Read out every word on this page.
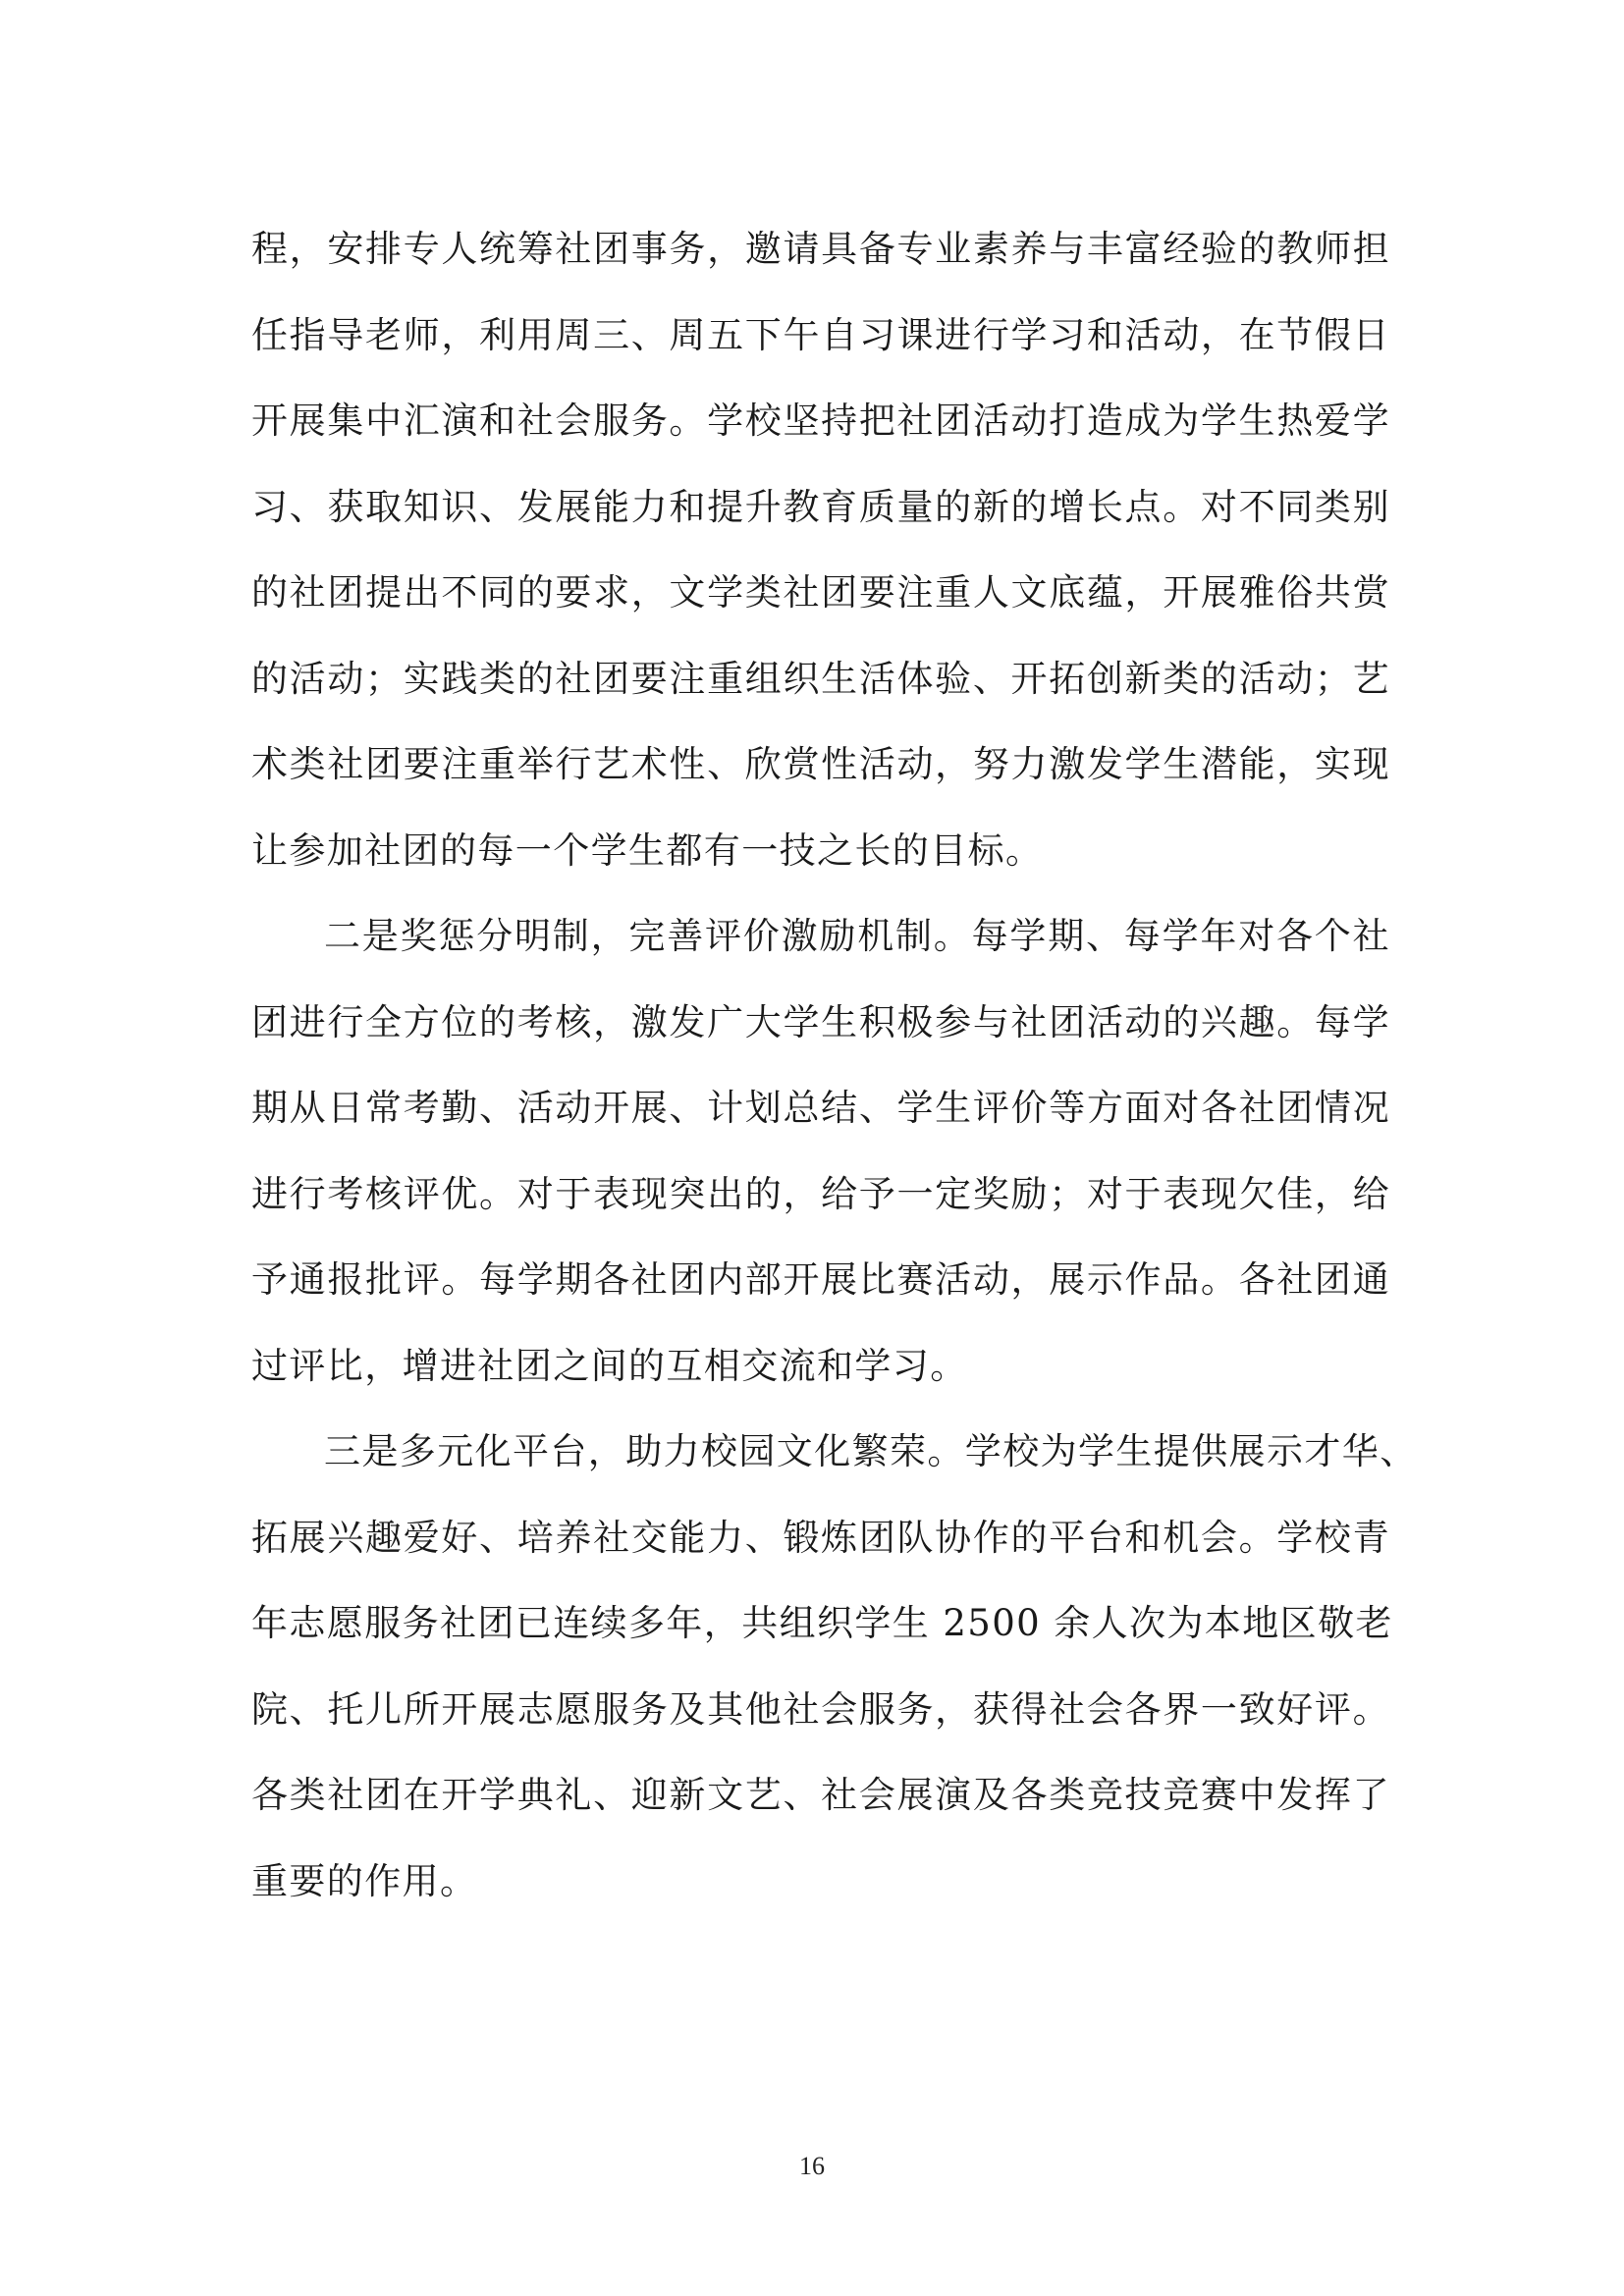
程，安排专人统筹社团事务，邀请具备专业素养与丰富经验的教师担
任指导老师，利用周三、周五下午自习课进行学习和活动，在节假日
开展集中汇演和社会服务。学校坚持把社团活动打造成为学生热爱学
习、获取知识、发展能力和提升教育质量的新的增长点。对不同类别
的社团提出不同的要求，文学类社团要注重人文底蕴，开展雅俗共赏
的活动；实践类的社团要注重组织生活体验、开拓创新类的活动；艺
术类社团要注重举行艺术性、欣赏性活动，努力激发学生潜能，实现
让参加社团的每一个学生都有一技之长的目标。
二是奖惩分明制，完善评价激励机制。每学期、每学年对各个社
团进行全方位的考核，激发广大学生积极参与社团活动的兴趣。每学
期从日常考勤、活动开展、计划总结、学生评价等方面对各社团情况
进行考核评优。对于表现突出的，给予一定奖励；对于表现欠佳，给
予通报批评。每学期各社团内部开展比赛活动，展示作品。各社团通
过评比，增进社团之间的互相交流和学习。
三是多元化平台，助力校园文化繁荣。学校为学生提供展示才华、
拓展兴趣爱好、培养社交能力、锻炼团队协作的平台和机会。学校青
年志愿服务社团已连续多年，共组织学生 2500 余人次为本地区敬老
院、托儿所开展志愿服务及其他社会服务，获得社会各界一致好评。
各类社团在开学典礼、迎新文艺、社会展演及各类竞技竞赛中发挥了
重要的作用。
16
